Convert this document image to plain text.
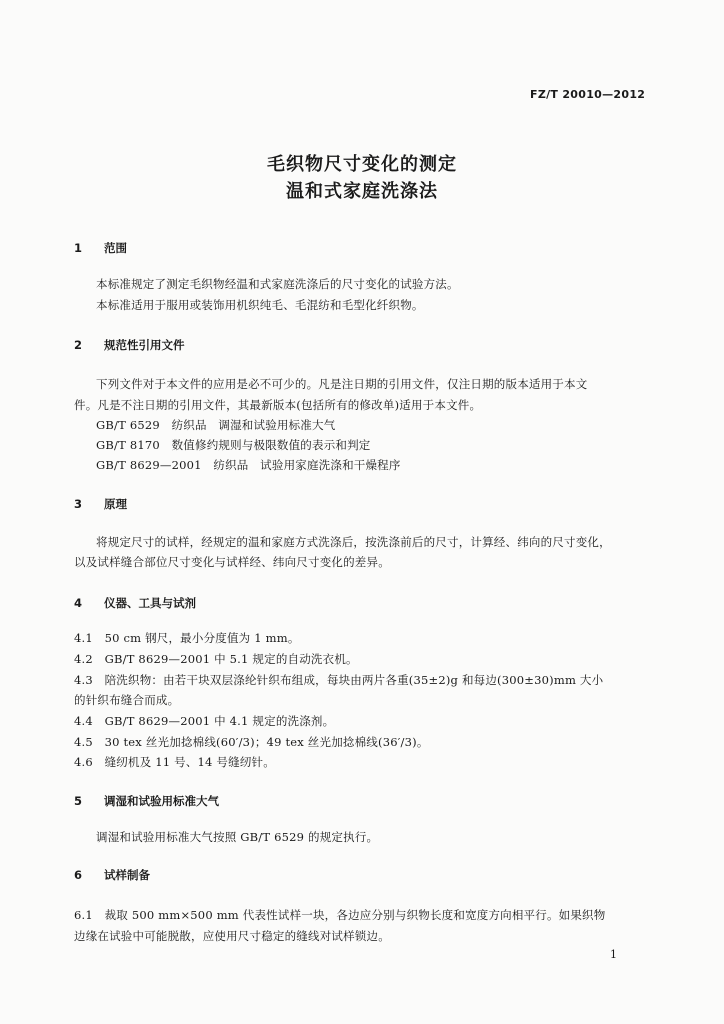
FZ/T 20010—2012
毛织物尺寸变化的测定
温和式家庭洗涤法
1 范围
本标准规定了测定毛织物经温和式家庭洗涤后的尺寸变化的试验方法。
本标准适用于服用或装饰用机织纯毛、毛混纺和毛型化纤织物。
2 规范性引用文件
下列文件对于本文件的应用是必不可少的。凡是注日期的引用文件，仅注日期的版本适用于本文
件。凡是不注日期的引用文件，其最新版本(包括所有的修改单)适用于本文件。
GB/T 6529　纺织品　调湿和试验用标准大气
GB/T 8170　数值修约规则与极限数值的表示和判定
GB/T 8629—2001　纺织品　试验用家庭洗涤和干燥程序
3 原理
将规定尺寸的试样，经规定的温和家庭方式洗涤后，按洗涤前后的尺寸，计算经、纬向的尺寸变化，
以及试样缝合部位尺寸变化与试样经、纬向尺寸变化的差异。
4 仪器、工具与试剂
4.1　50 cm 钢尺，最小分度值为 1 mm。
4.2　GB/T 8629—2001 中 5.1 规定的自动洗衣机。
4.3　陪洗织物：由若干块双层涤纶针织布组成，每块由两片各重(35±2)g 和每边(300±30)mm 大小
的针织布缝合而成。
4.4　GB/T 8629—2001 中 4.1 规定的洗涤剂。
4.5　30 tex 丝光加捻棉线(60′/3)；49 tex 丝光加捻棉线(36′/3)。
4.6　缝纫机及 11 号、14 号缝纫针。
5 调湿和试验用标准大气
调湿和试验用标准大气按照 GB/T 6529 的规定执行。
6 试样制备
6.1　裁取 500 mm×500 mm 代表性试样一块，各边应分别与织物长度和宽度方向相平行。如果织物
边缘在试验中可能脱散，应使用尺寸稳定的缝线对试样锁边。
1
